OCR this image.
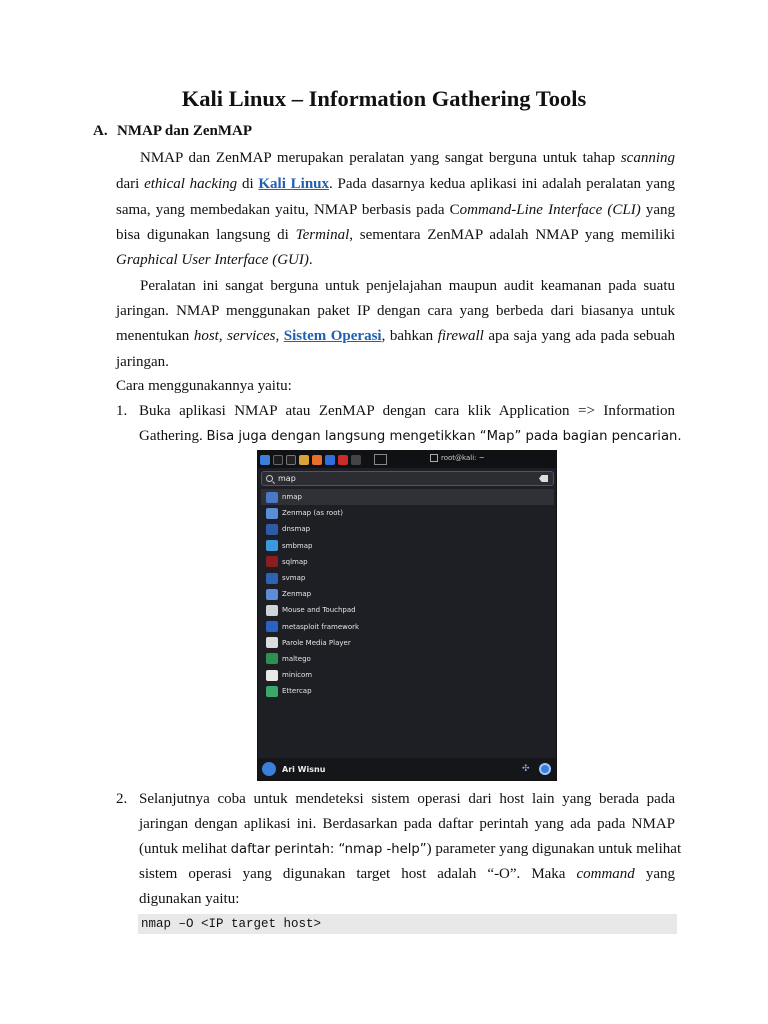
Kali Linux – Information Gathering Tools
A. NMAP dan ZenMAP
NMAP dan ZenMAP merupakan peralatan yang sangat berguna untuk tahap scanning
dari ethical hacking di Kali Linux. Pada dasarnya kedua aplikasi ini adalah peralatan yang
sama, yang membedakan yaitu, NMAP berbasis pada Command-Line Interface (CLI) yang
bisa digunakan langsung di Terminal, sementara ZenMAP adalah NMAP yang memiliki
Graphical User Interface (GUI).
Peralatan ini sangat berguna untuk penjelajahan maupun audit keamanan pada suatu
jaringan. NMAP menggunakan paket IP dengan cara yang berbeda dari biasanya untuk
menentukan host, services, Sistem Operasi, bahkan firewall apa saja yang ada pada sebuah
jaringan.
Cara menggunakannya yaitu:
1. Buka aplikasi NMAP atau ZenMAP dengan cara klik Application => Information
Gathering. Bisa juga dengan langsung mengetikkan “Map” pada bagian pencarian.
root@kali: ~
map
nmap
Zenmap (as root)
dnsmap
smbmap
sqlmap
svmap
Zenmap
Mouse and Touchpad
metasploit framework
Parole Media Player
maltego
minicom
Ettercap
Ari Wisnu	✣
2. Selanjutnya coba untuk mendeteksi sistem operasi dari host lain yang berada pada
jaringan dengan aplikasi ini. Berdasarkan pada daftar perintah yang ada pada NMAP
(untuk melihat daftar perintah: “nmap -help”) parameter yang digunakan untuk melihat
sistem operasi yang digunakan target host adalah “-O”. Maka command yang
digunakan yaitu:
nmap –O <IP target host>
